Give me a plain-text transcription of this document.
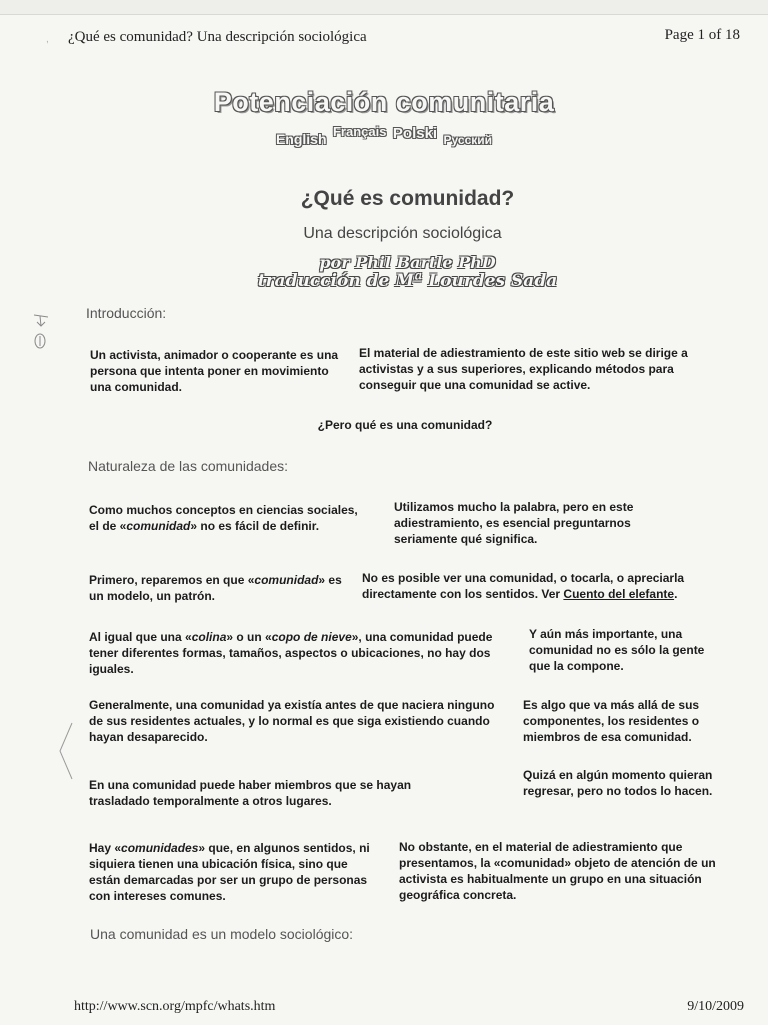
, ¿Qué es comunidad? Una descripción sociológica	Page 1 of 18
Potenciación comunitaria
English Français Polski Русский
¿Qué es comunidad?
Una descripción sociológica
por Phil Bartle PhD
traducción de Mª Lourdes Sada
Introducción:
Un activista, animador o cooperante es una persona que intenta poner en movimiento una comunidad.
El material de adiestramiento de este sitio web se dirige a activistas y a sus superiores, explicando métodos para conseguir que una comunidad se active.
¿Pero qué es una comunidad?
Naturaleza de las comunidades:
Como muchos conceptos en ciencias sociales, el de «comunidad» no es fácil de definir.
Utilizamos mucho la palabra, pero en este adiestramiento, es esencial preguntarnos seriamente qué significa.
Primero, reparemos en que «comunidad» es un modelo, un patrón.
No es posible ver una comunidad, o tocarla, o apreciarla directamente con los sentidos. Ver Cuento del elefante.
Al igual que una «colina» o un «copo de nieve», una comunidad puede tener diferentes formas, tamaños, aspectos o ubicaciones, no hay dos iguales.
Y aún más importante, una comunidad no es sólo la gente que la compone.
Generalmente, una comunidad ya existía antes de que naciera ninguno de sus residentes actuales, y lo normal es que siga existiendo cuando hayan desaparecido.
Es algo que va más allá de sus componentes, los residentes o miembros de esa comunidad.
En una comunidad puede haber miembros que se hayan trasladado temporalmente a otros lugares.
Quizá en algún momento quieran regresar, pero no todos lo hacen.
Hay «comunidades» que, en algunos sentidos, ni siquiera tienen una ubicación física, sino que están demarcadas por ser un grupo de personas con intereses comunes.
No obstante, en el material de adiestramiento que presentamos, la «comunidad» objeto de atención de un activista es habitualmente un grupo en una situación geográfica concreta.
Una comunidad es un modelo sociológico:
http://www.scn.org/mpfc/whats.htm	9/10/2009
